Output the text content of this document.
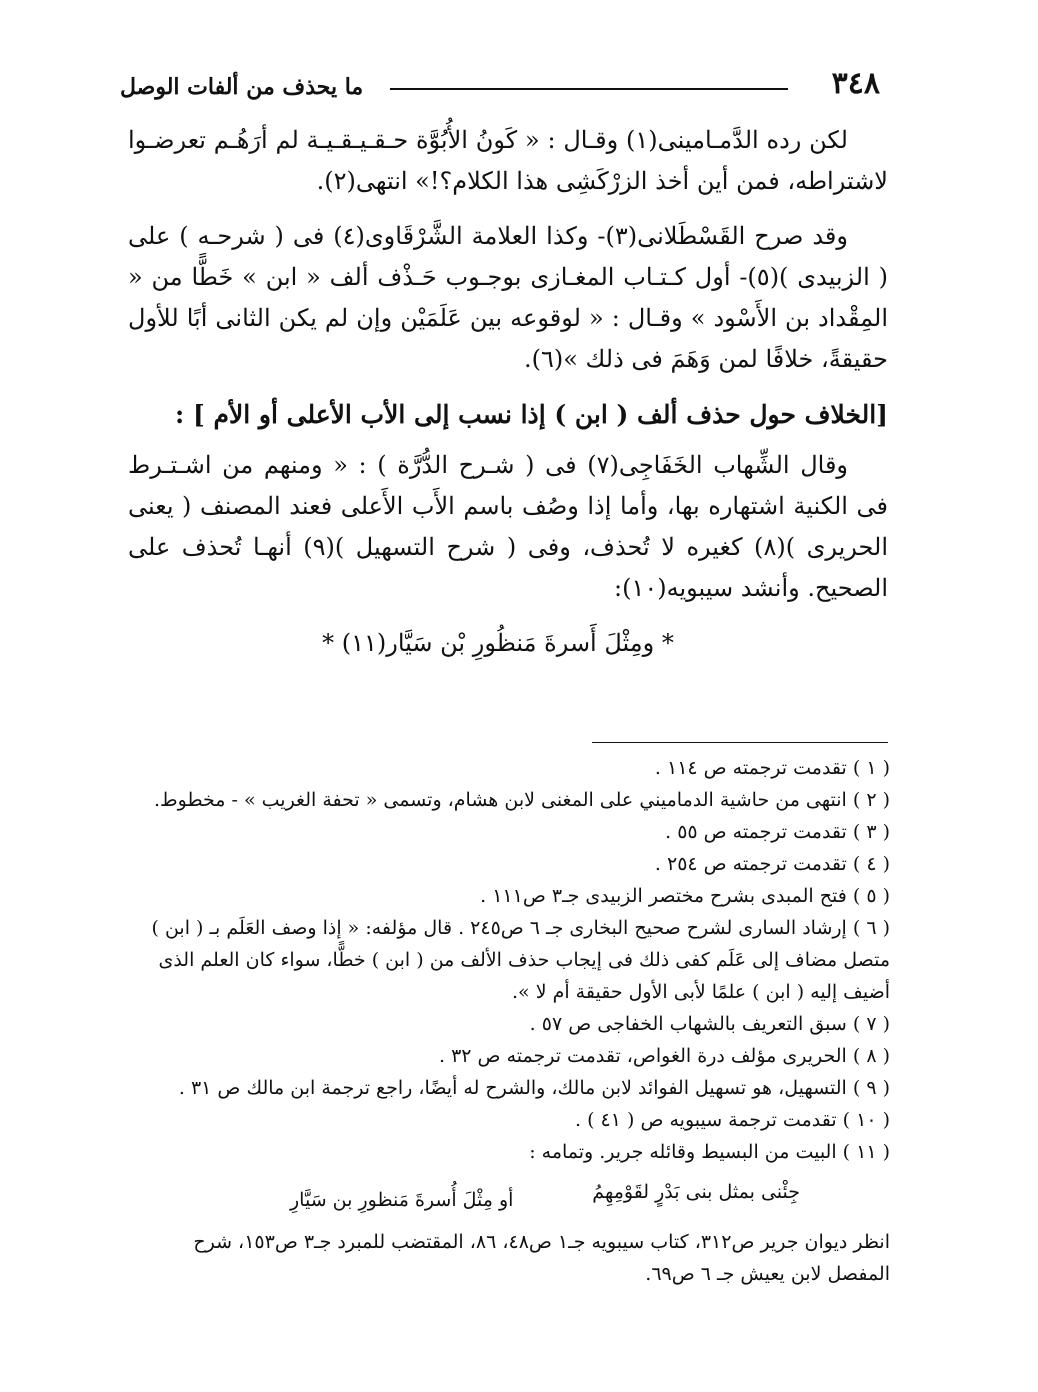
٣٤٨
ما يحذف من ألفات الوصل

لكن رده الدَّمـامينى(١) وقـال : « كَونُ الأُبُوَّة حـقـيـقـيـة لم أرَهُـم تعرضـوا لاشتراطه، فمن أين أخذ الزرْكَشِى هذا الكلام؟!» انتهى(٢).

وقد صرح القَسْطَلانى(٣)- وكذا العلامة الشَّرْقَاوى(٤) فى ( شرحـه ) على ( الزبيدى )(٥)- أول كـتـاب المغـازى بوجـوب حَـذْف ألف « ابن » خَطًّا من « المِقْداد بن الأَسْود » وقـال : « لوقوعه بين عَلَمَيْن وإن لم يكن الثانى أبًا للأول حقيقةً، خلافًا لمن وَهَمَ فى ذلك »(٦).

[الخلاف حول حذف ألف ( ابن ) إذا نسب إلى الأب الأعلى أو الأم ] :

وقال الشِّهاب الخَفَاجِى(٧) فى ( شـرح الدُّرَّة ) : « ومنهم من اشـتـرط فى الكنية اشتهاره بها، وأما إذا وصُف باسم الأَب الأَعلى فعند المصنف ( يعنى الحريرى )(٨) كغيره لا تُحذف، وفى ( شرح التسهيل )(٩) أنهـا تُحذف على الصحيح. وأنشد سيبويه(١٠):

* ومِثْلَ أَسرةَ مَنظُورِ بْن سَيَّار(١١) *

( ١ ) تقدمت ترجمته ص ١١٤ .

( ٢ ) انتهى من حاشية الدماميني على المغنى لابن هشام، وتسمى « تحفة الغريب » - مخطوط.

( ٣ ) تقدمت ترجمته ص ٥٥ .

( ٤ ) تقدمت ترجمته ص ٢٥٤ .

( ٥ ) فتح المبدى بشرح مختصر الزبيدى جـ٣ ص١١١ .

( ٦ ) إرشاد السارى لشرح صحيح البخارى جـ ٦ ص٢٤٥ . قال مؤلفه: « إذا وصف العَلَم بـ ( ابن ) متصل مضاف إلى عَلَم كفى ذلك فى إيجاب حذف الألف من ( ابن ) خطًّا، سواء كان العلم الذى أضيف إليه ( ابن ) علمًا لأبى الأول حقيقة أم لا ».

( ٧ ) سبق التعريف بالشهاب الخفاجى ص ٥٧ .

( ٨ ) الحريرى مؤلف درة الغواص، تقدمت ترجمته ص ٣٢ .

( ٩ ) التسهيل، هو تسهيل الفوائد لابن مالك، والشرح له أيضًا، راجع ترجمة ابن مالك ص ٣١ .

( ١٠ ) تقدمت ترجمة سيبويه ص ( ٤١ ) .

( ١١ ) البيت من البسيط وقائله جرير. وتمامه :

جِئْنى بمثل بنى بَدْرٍ لقَوْمِهِمُ
أو مِثْلَ أُسرةَ مَنظورِ بن سَيَّارِ

انظر ديوان جرير ص٣١٢، كتاب سيبويه جـ١ ص٤٨، ٨٦، المقتضب للمبرد جـ٣ ص١٥٣، شرح المفصل لابن يعيش جـ ٦ ص٦٩.
